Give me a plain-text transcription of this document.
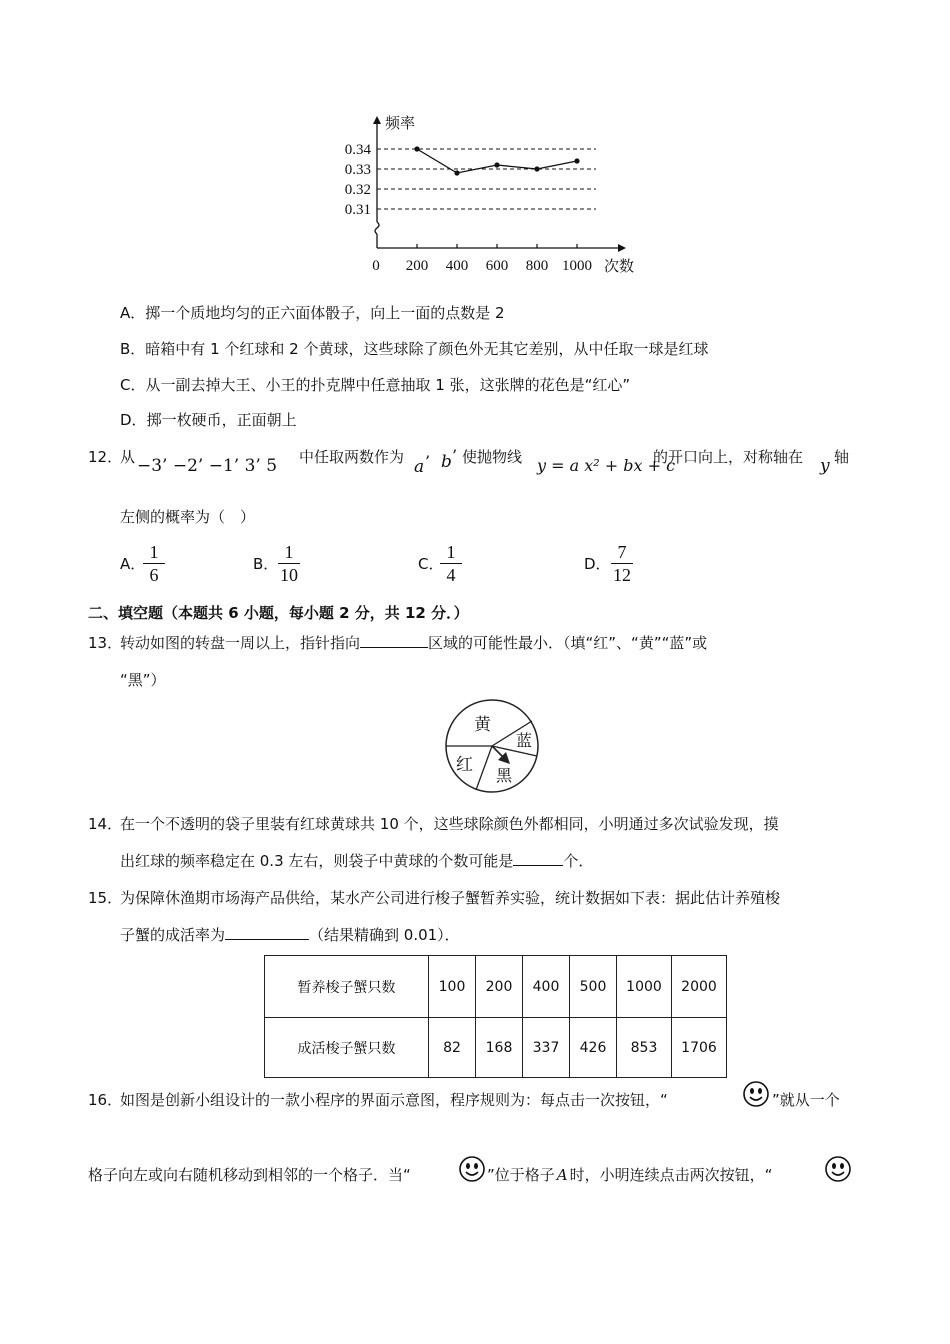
0.34
0.33
0.32
0.31
200 400 600 800 1000
0
频率
次数
A．掷一个质地均匀的正六面体骰子，向上一面的点数是 2
B．暗箱中有 1 个红球和 2 个黄球，这些球除了颜色外无其它差别，从中任取一球是红球
C．从一副去掉大王、小王的扑克牌中任意抽取 1 张，这张牌的花色是“红心”
D．掷一枚硬币，正面朝上
12．
从 −3’ −2’ −1’ 3’ 5 中任取两数作为 a ’ b ’ 使抛物线 y = a x² + bx + c
的开口向上，对称轴在 y 轴
左侧的概率为（　）
A．
$\frac{1}{6}$	B． $\frac{1}{10}$	C．
$\frac{1}{4}$	D． $\frac{7}{12}$
二、填空题（本题共 6 小题，每小题 2 分，共 12 分．）
13．转动如图的转盘一周以上，指针指向	区域的可能性最小．（填“红”、“黄”“蓝”或
“黑”）
黄
蓝
红
黑
14．在一个不透明的袋子里装有红球黄球共 10 个，这些球除颜色外都相同，小明通过多次试验发现，摸
出红球的频率稳定在 0.3 左右，则袋子中黄球的个数可能是	个．
15．为保障休渔期市场海产品供给，某水产公司进行梭子蟹暂养实验，统计数据如下表：据此估计养殖梭
子蟹的成活率为	（结果精确到 0.01）．
暂养梭子蟹只数	100	200	400	500	1000	2000
成活梭子蟹只数	82	168	337	426	853	1706
16．如图是创新小组设计的一款小程序的界面示意图，程序规则为：每点击一次按钮，“	”就从一个
格子向左或向右随机移动到相邻的一个格子．当“	”位于格子 A 时，小明连续点击两次按钮，“
